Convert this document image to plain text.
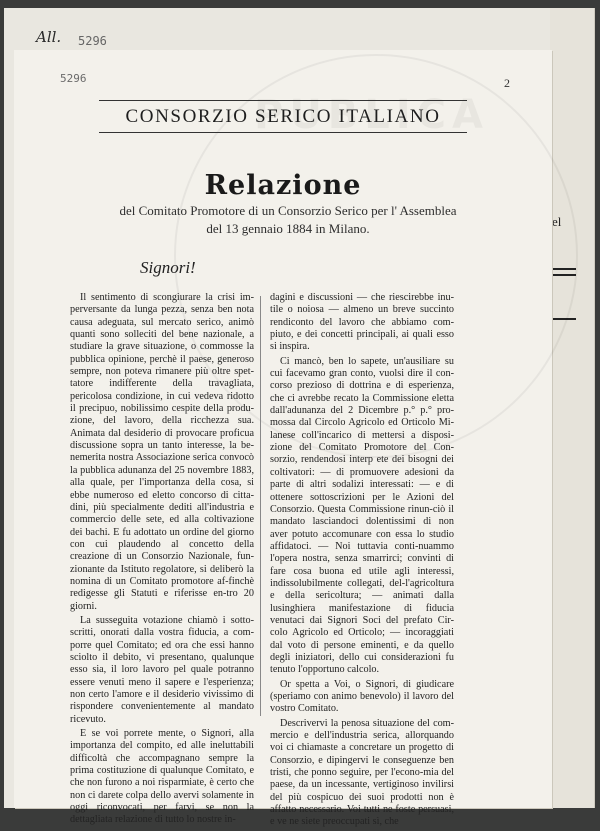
All. 5296
el
5296	2
CONSORZIO SERICO ITALIANO
Relazione
del Comitato Promotore di un Consorzio Serico per l' Assemblea
del 13 gennaio 1884 in Milano.
Signori!

Il sentimento di scongiurare la crisi im-perversante da lunga pezza, senza ben nota causa adeguata, sul mercato serico, animò quanti sono solleciti del bene nazionale, a studiare la grave situazione, o commosse la pubblica opinione, perchè il paese, generoso sempre, non poteva rimanere più oltre spet-tatore indifferente della travagliata, pericolosa condizione, in cui vedeva ridotto il precipuo, nobilissimo cespite della produ-zione, del lavoro, della ricchezza sua. Animata dal desiderio di provocare proficua discussione sopra un tanto interesse, la be-nemerita nostra Associazione serica convocò la pubblica adunanza del 25 novembre 1883, alla quale, per l'importanza della cosa, si ebbe numeroso ed eletto concorso di citta-dini, più specialmente dediti all'industria e commercio delle sete, ed alla coltivazione dei bachi. E fu adottato un ordine del giorno con cui plaudendo al concetto della creazione di un Consorzio Nazionale, fun-zionante da Istituto regolatore, si deliberò la nomina di un Comitato promotore af-finchè redigesse gli Statuti e riferisse en-tro 20 giorni.

La susseguita votazione chiamò i sotto-scritti, onorati dalla vostra fiducia, a com-porre quel Comitato; ed ora che essi hanno sciolto il debito, vi presentano, qualunque esso sia, il loro lavoro pel quale potranno essere venuti meno il sapere e l'esperienza; non certo l'amore e il desiderio vivissimo di rispondere convenientemente al mandato ricevuto.

E se voi porrete mente, o Signori, alla importanza del compito, ed alle ineluttabili difficoltà che accompagnano sempre la prima costituzione di qualunque Comitato, e che non furono a noi risparmiate, è certo che non ci darete colpa dello avervi solamente in oggi riconvocati, per farvi, se non la dettagliata relazione di tutto lo nostre in-

dagini e discussioni — che riescirebbe inu-tile o noiosa — almeno un breve succinto rendiconto del lavoro che abbiamo com-piuto, e dei concetti principali, ai quali esso si inspira.

Ci mancò, ben lo sapete, un'ausiliare su cui facevamo gran conto, vuolsi dire il con-corso prezioso di dottrina e di esperienza, che ci avrebbe recato la Commissione eletta dall'adunanza del 2 Dicembre p.° p.° pro-mossa dal Circolo Agricolo ed Orticolo Mi-lanese coll'incarico di mettersi a disposi-zione del Comitato Promotore del Con-sorzio, rendendosi interp ete dei bisogni dei coltivatori: — di promuovere adesioni da parte di altri sodalizi interessati: — e di ottenere sottoscrizioni per le Azioni del Consorzio. Questa Commissione rinun-ciò il mandato lasciandoci dolentissimi di non aver potuto accomunare con essa lo studio affidatoci. — Noi tuttavia conti-nuammo l'opera nostra, senza smarrirci; convinti di fare cosa buona ed utile agli interessi, indissolubilmente collegati, del-l'agricoltura e della sericoltura; — animati dalla lusinghiera manifestazione di fiducia venutaci dai Signori Soci del prefato Cir-colo Agricolo ed Orticolo; — incoraggiati dal voto di persone eminenti, e da quello degli iniziatori, dello cui considerazioni fu tenuto l'opportuno calcolo.

Or spetta a Voi, o Signori, di giudicare (speriamo con animo benevolo) il lavoro del vostro Comitato.

Descrivervi la penosa situazione del com-mercio e dell'industria serica, allorquando voi ci chiamaste a concretare un progetto di Consorzio, e dipingervi le conseguenze ben tristi, che ponno seguire, per l'econo-mia del paese, da un incessante, vertiginoso invilirsi del più cospicuo dei suoi prodotti non è affatto necessario. Voi tutti ne foste persuasi, e ve ne siete preoccupati sì, che
